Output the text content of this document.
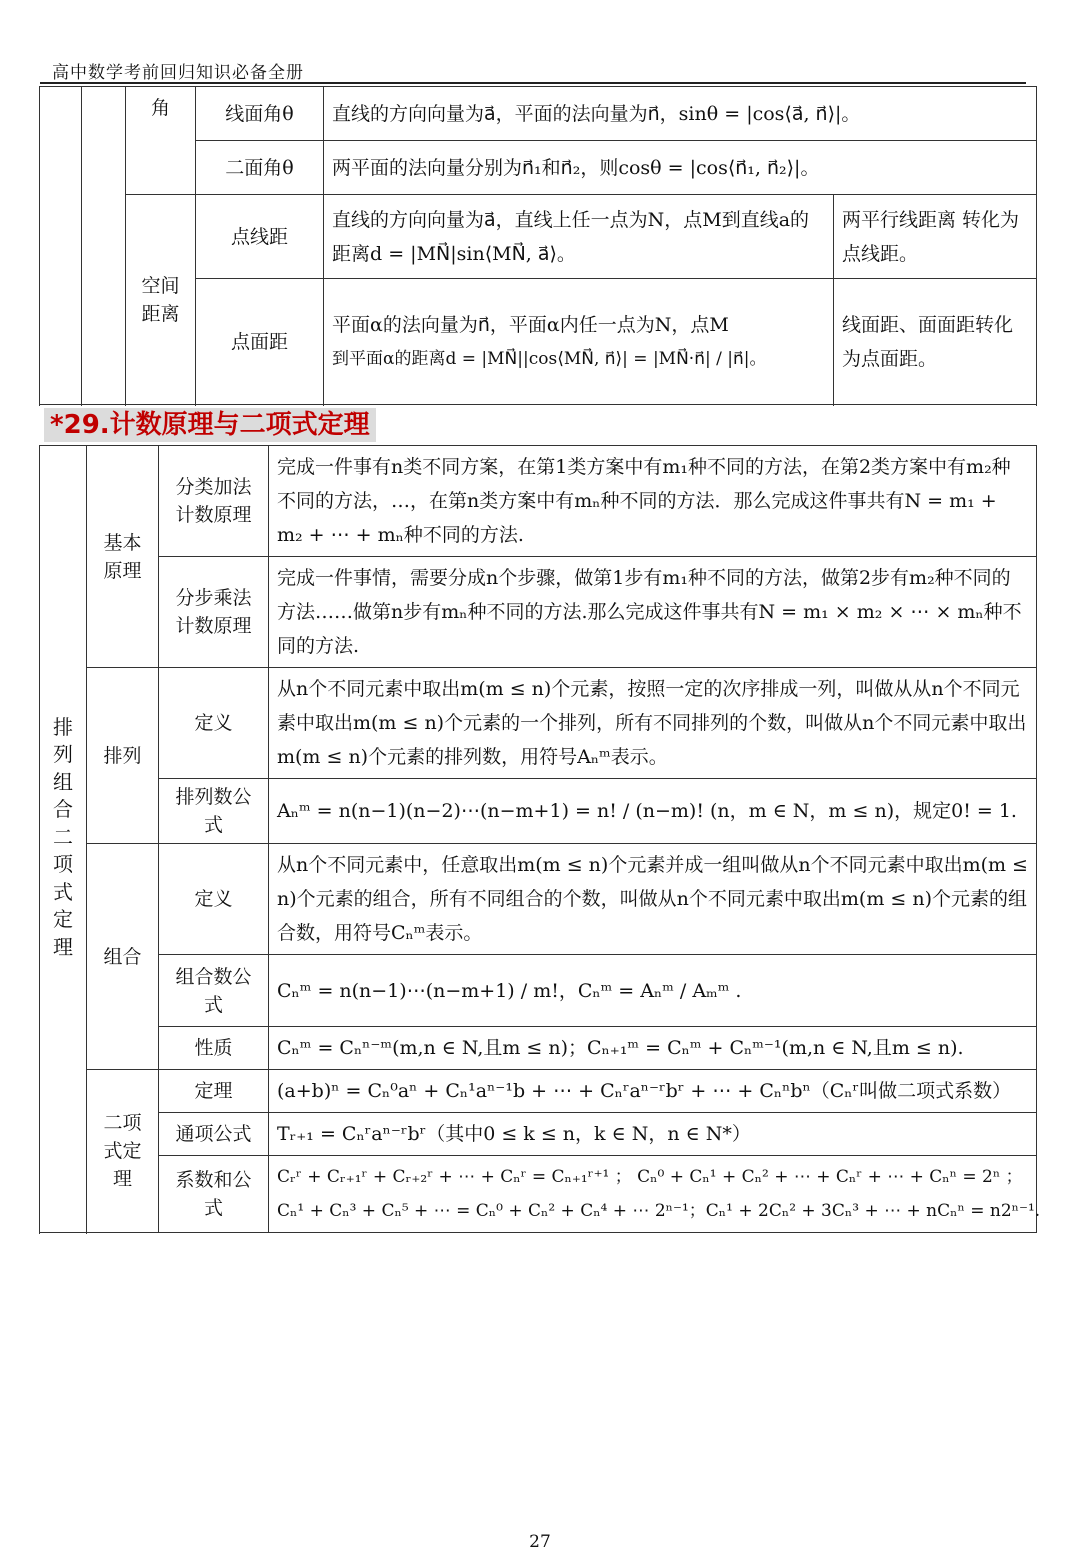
高中数学考前回归知识必备全册
		角	线面角θ	直线的方向向量为a⃗，平面的法向量为n⃗，sinθ = |cos⟨a⃗, n⃗⟩|。	
			二面角θ	两平面的法向量分别为n⃗₁和n⃗₂，则cosθ = |cos⟨n⃗₁, n⃗₂⟩|。	
		空间距离	点线距	直线的方向向量为a⃗，直线上任一点为N，点M到直线a的距离d = |MN⃗|sin⟨MN⃗, a⃗⟩。	两平行线距离 转化为点线距。

			点面距	平面α的法向量为n⃗，平面α内任一点为N，点M
到平面α的距离d = |MN⃗||cos⟨MN⃗, n⃗⟩| = |MN⃗·n⃗| / |n⃗|。	线面距、面面距转化为点面距。

*29.计数原理与二项式定理
排列组合二项式定理	基本原理	分类加法计数原理	完成一件事有n类不同方案，在第1类方案中有m₁种不同的方法，在第2类方案中有m₂种不同的方法，…，在第n类方案中有mₙ种不同的方法．那么完成这件事共有N = m₁ + m₂ + ⋯ + mₙ种不同的方法.
		分步乘法计数原理	完成一件事情，需要分成n个步骤，做第1步有m₁种不同的方法，做第2步有m₂种不同的方法……做第n步有mₙ种不同的方法.那么完成这件事共有N = m₁ × m₂ × ⋯ × mₙ种不同的方法.
	排列	定义	从n个不同元素中取出m(m ≤ n)个元素，按照一定的次序排成一列，叫做从从n个不同元素中取出m(m ≤ n)个元素的一个排列，所有不同排列的个数，叫做从n个不同元素中取出m(m ≤ n)个元素的排列数，用符号Aₙᵐ表示。
		排列数公式	Aₙᵐ = n(n−1)(n−2)⋯(n−m+1) = n! / (n−m)! (n，m ∈ N，m ≤ n)，规定0! = 1.
	组合	定义	从n个不同元素中，任意取出m(m ≤ n)个元素并成一组叫做从n个不同元素中取出m(m ≤ n)个元素的组合，所有不同组合的个数，叫做从n个不同元素中取出m(m ≤ n)个元素的组合数，用符号Cₙᵐ表示。
		组合数公式	Cₙᵐ = n(n−1)⋯(n−m+1) / m!，Cₙᵐ = Aₙᵐ / Aₘᵐ .
		性质	Cₙᵐ = Cₙⁿ⁻ᵐ(m,n ∈ N,且m ≤ n)；Cₙ₊₁ᵐ = Cₙᵐ + Cₙᵐ⁻¹(m,n ∈ N,且m ≤ n).
	二项式定理	定理	(a+b)ⁿ = Cₙ⁰aⁿ + Cₙ¹aⁿ⁻¹b + ⋯ + Cₙʳaⁿ⁻ʳbʳ + ⋯ + Cₙⁿbⁿ（Cₙʳ叫做二项式系数）
		通项公式	Tᵣ₊₁ = Cₙʳaⁿ⁻ʳbʳ（其中0 ≤ k ≤ n，k ∈ N，n ∈ N*）
		系数和公式	Cᵣʳ + Cᵣ₊₁ʳ + Cᵣ₊₂ʳ + ⋯ + Cₙʳ = Cₙ₊₁ʳ⁺¹ ； Cₙ⁰ + Cₙ¹ + Cₙ² + ⋯ + Cₙʳ + ⋯ + Cₙⁿ = 2ⁿ ；
Cₙ¹ + Cₙ³ + Cₙ⁵ + ⋯ = Cₙ⁰ + Cₙ² + Cₙ⁴ + ⋯ 2ⁿ⁻¹；Cₙ¹ + 2Cₙ² + 3Cₙ³ + ⋯ + nCₙⁿ = n2ⁿ⁻¹.

27
